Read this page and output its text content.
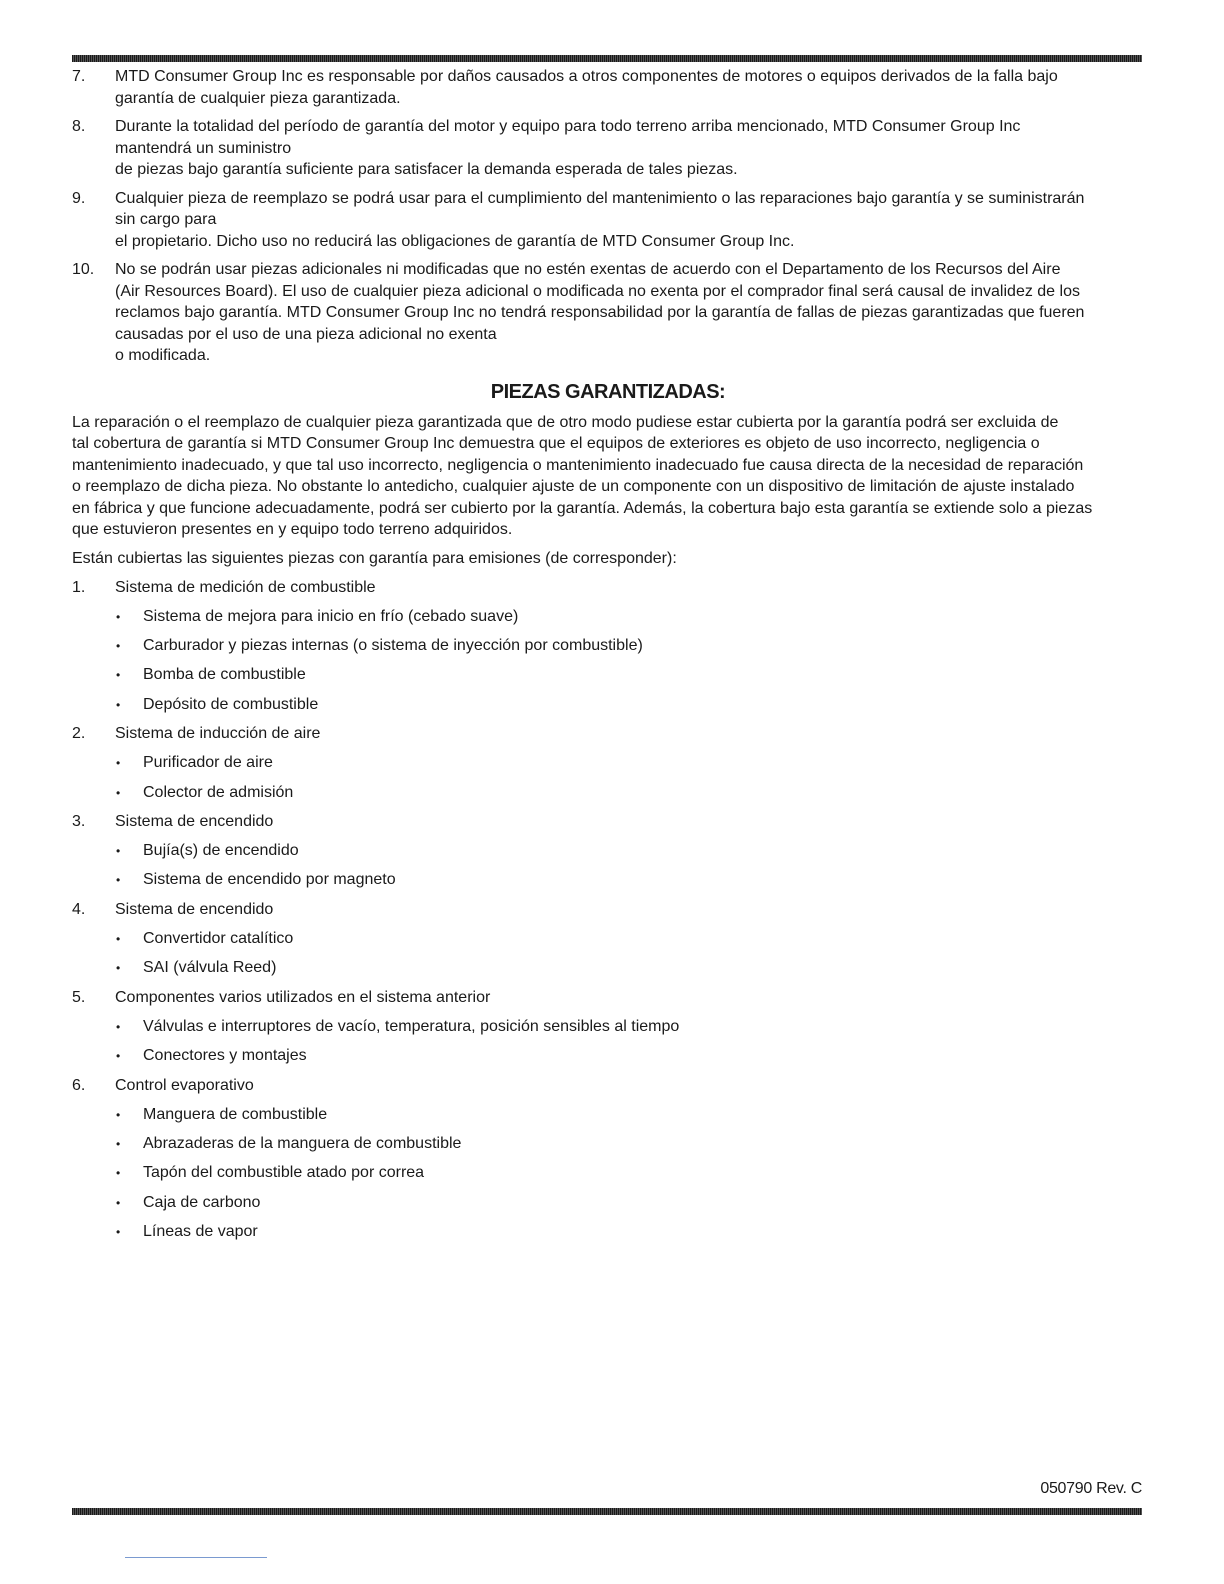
7. MTD Consumer Group Inc es responsable por daños causados a otros componentes de motores o equipos derivados de la falla bajo
garantía de cualquier pieza garantizada.
8. Durante la totalidad del período de garantía del motor y equipo para todo terreno arriba mencionado, MTD Consumer Group Inc
mantendrá un suministro
de piezas bajo garantía suficiente para satisfacer la demanda esperada de tales piezas.
9. Cualquier pieza de reemplazo se podrá usar para el cumplimiento del mantenimiento o las reparaciones bajo garantía y se suministrarán
sin cargo para
el propietario. Dicho uso no reducirá las obligaciones de garantía de MTD Consumer Group Inc.
10. No se podrán usar piezas adicionales ni modificadas que no estén exentas de acuerdo con el Departamento de los Recursos del Aire
(Air Resources Board). El uso de cualquier pieza adicional o modificada no exenta por el comprador final será causal de invalidez de los
reclamos bajo garantía. MTD Consumer Group Inc no tendrá responsabilidad por la garantía de fallas de piezas garantizadas que fueren
causadas por el uso de una pieza adicional no exenta
o modificada.
PIEZAS GARANTIZADAS:

La reparación o el reemplazo de cualquier pieza garantizada que de otro modo pudiese estar cubierta por la garantía podrá ser excluida de
tal cobertura de garantía si MTD Consumer Group Inc demuestra que el equipos de exteriores es objeto de uso incorrecto, negligencia o
mantenimiento inadecuado, y que tal uso incorrecto, negligencia o mantenimiento inadecuado fue causa directa de la necesidad de reparación
o reemplazo de dicha pieza. No obstante lo antedicho, cualquier ajuste de un componente con un dispositivo de limitación de ajuste instalado
en fábrica y que funcione adecuadamente, podrá ser cubierto por la garantía. Además, la cobertura bajo esta garantía se extiende solo a piezas
que estuvieron presentes en y equipo todo terreno adquiridos.

Están cubiertas las siguientes piezas con garantía para emisiones (de corresponder):

1. Sistema de medición de combustible
• Sistema de mejora para inicio en frío (cebado suave)
• Carburador y piezas internas (o sistema de inyección por combustible)
• Bomba de combustible
• Depósito de combustible
2. Sistema de inducción de aire
• Purificador de aire
• Colector de admisión
3. Sistema de encendido
• Bujía(s) de encendido
• Sistema de encendido por magneto
4. Sistema de encendido
• Convertidor catalítico
• SAI (válvula Reed)
5. Componentes varios utilizados en el sistema anterior
• Válvulas e interruptores de vacío, temperatura, posición sensibles al tiempo
• Conectores y montajes
6. Control evaporativo
• Manguera de combustible
• Abrazaderas de la manguera de combustible
• Tapón del combustible atado por correa
• Caja de carbono
• Líneas de vapor
050790 Rev. C
